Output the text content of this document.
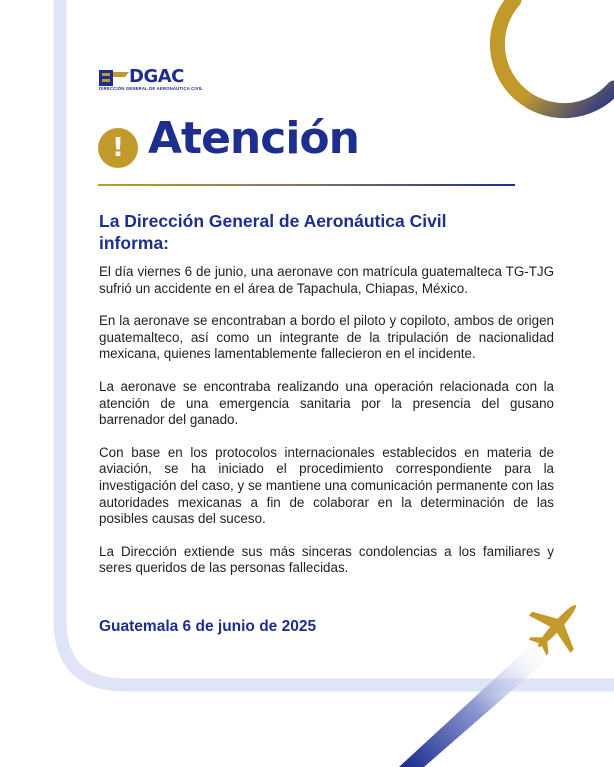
DGAC
DIRECCIÓN GENERAL DE AERONÁUTICA CIVIL
! Atención
La Dirección General de Aeronáutica Civil informa:

El día viernes 6 de junio, una aeronave con matrícula guatemalteca TG-TJG sufrió un accidente en el área de Tapachula, Chiapas, México.

En la aeronave se encontraban a bordo el piloto y copiloto, ambos de origen guatemalteco, así como un integrante de la tripulación de nacionalidad mexicana, quienes lamentablemente fallecieron en el incidente.

La aeronave se encontraba realizando una operación relacionada con la atención de una emergencia sanitaria por la presencia del gusano barrenador del ganado.

Con base en los protocolos internacionales establecidos en materia de aviación, se ha iniciado el procedimiento correspondiente para la investigación del caso, y se mantiene una comunicación permanente con las autoridades mexicanas a fin de colaborar en la determinación de las posibles causas del suceso.

La Dirección extiende sus más sinceras condolencias a los familiares y seres queridos de las personas fallecidas.

Guatemala 6 de junio de 2025
